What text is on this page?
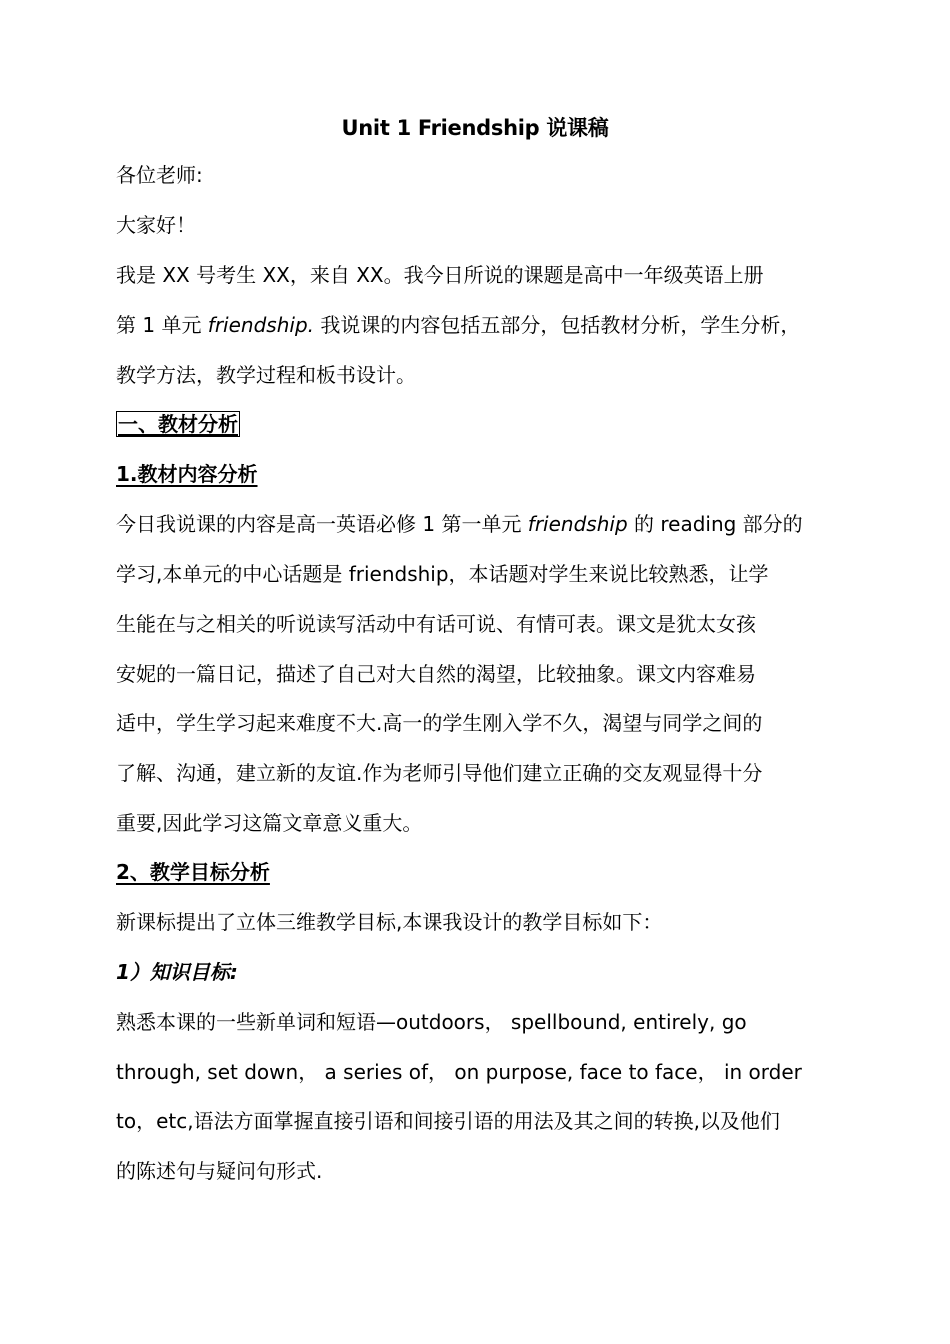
Unit 1 Friendship 说课稿
各位老师:
大家好！
我是 XX 号考生 XX，来自 XX。我今日所说的课题是高中一年级英语上册
第 1 单元 friendship. 我说课的内容包括五部分，包括教材分析，学生分析，
教学方法，教学过程和板书设计。
一、教材分析
1.教材内容分析
今日我说课的内容是高一英语必修 1 第一单元 friendship 的 reading 部分的
学习,本单元的中心话题是 friendship，本话题对学生来说比较熟悉，让学
生能在与之相关的听说读写活动中有话可说、有情可表。课文是犹太女孩
安妮的一篇日记，描述了自己对大自然的渴望，比较抽象。课文内容难易
适中，学生学习起来难度不大.高一的学生刚入学不久，渴望与同学之间的
了解、沟通，建立新的友谊.作为老师引导他们建立正确的交友观显得十分
重要,因此学习这篇文章意义重大。
2、教学目标分析
新课标提出了立体三维教学目标,本课我设计的教学目标如下：
1）知识目标:
熟悉本课的一些新单词和短语—outdoors， spellbound, entirely, go
through, set down， a series of， on purpose, face to face， in order
to，etc,语法方面掌握直接引语和间接引语的用法及其之间的转换,以及他们
的陈述句与疑问句形式.
